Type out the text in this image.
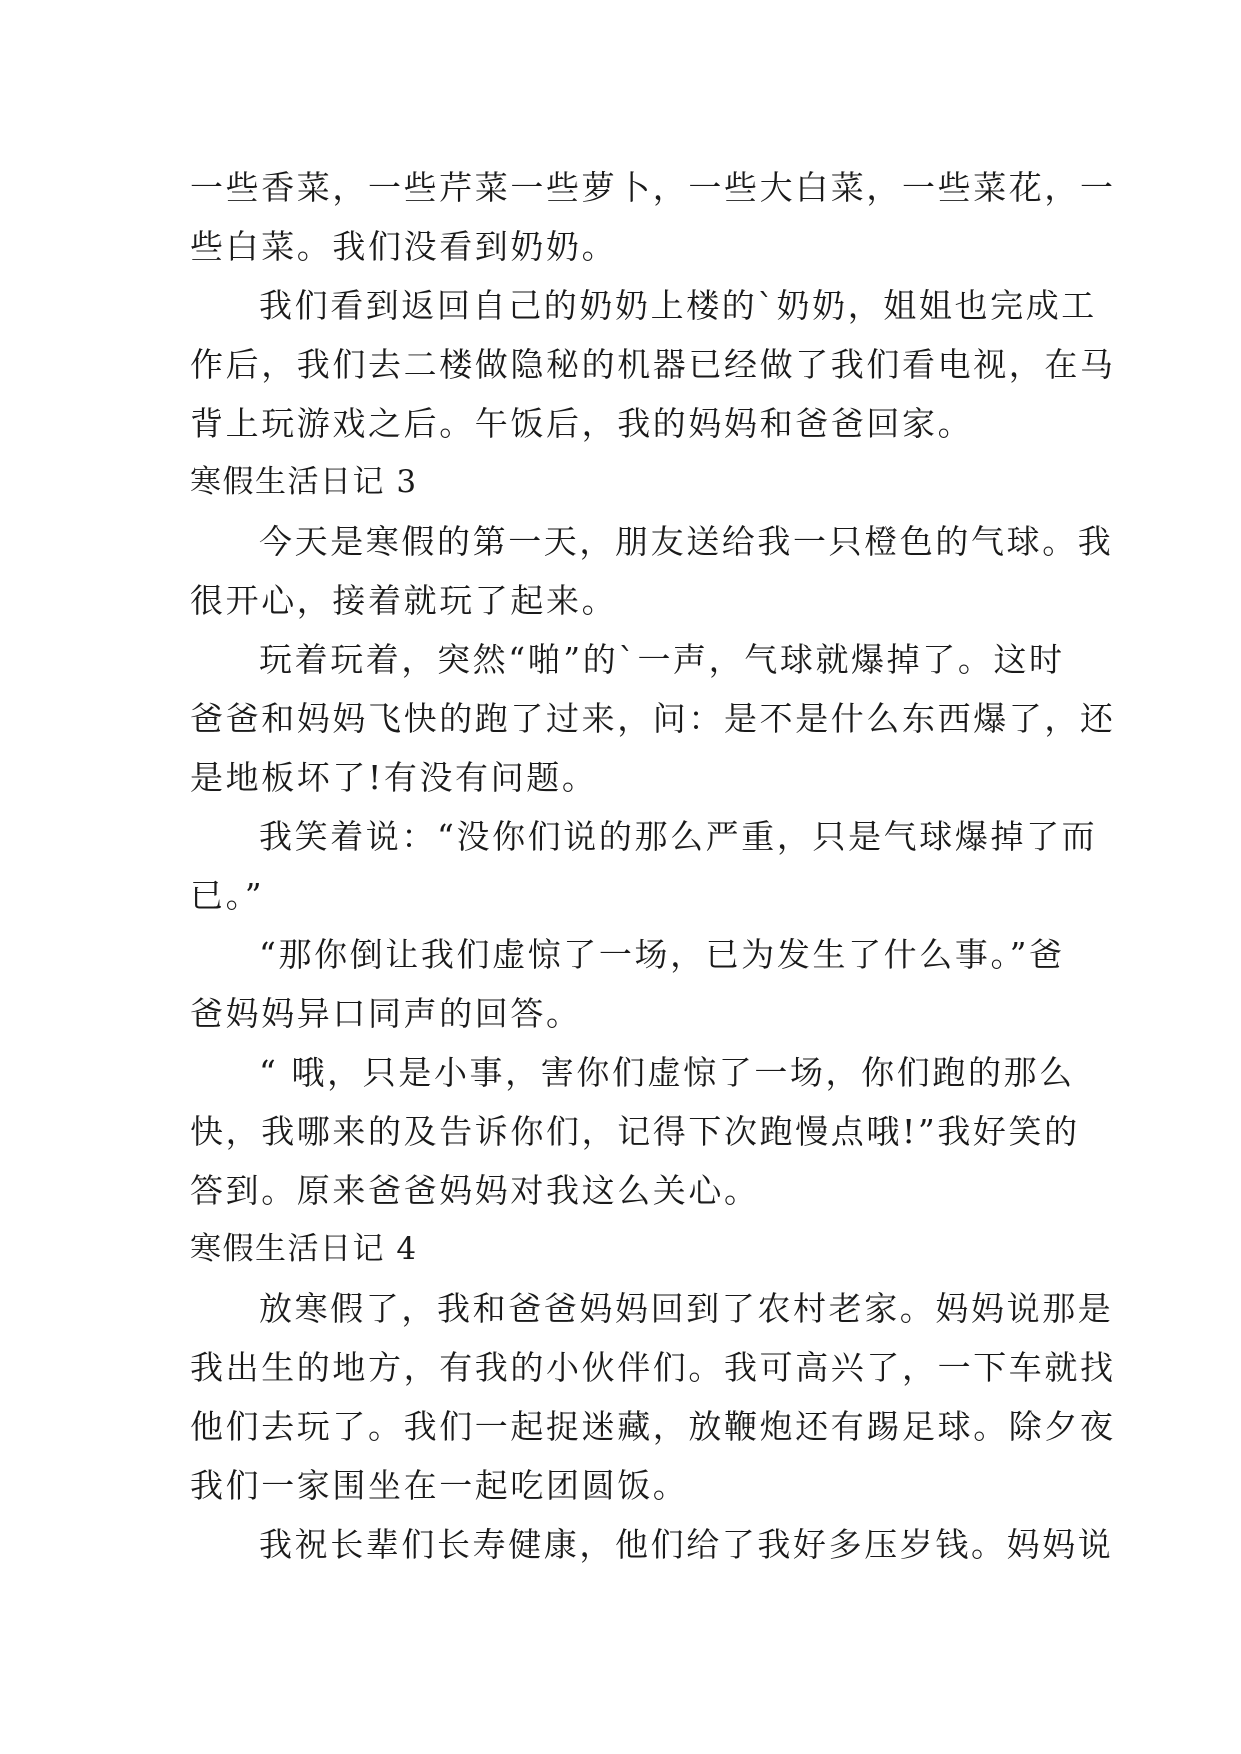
一些香菜，一些芹菜一些萝卜，一些大白菜，一些菜花，一
些白菜。我们没看到奶奶。
我们看到返回自己的奶奶上楼的`奶奶，姐姐也完成工
作后，我们去二楼做隐秘的机器已经做了我们看电视，在马
背上玩游戏之后。午饭后，我的妈妈和爸爸回家。
寒假生活日记 3
今天是寒假的第一天，朋友送给我一只橙色的气球。我
很开心，接着就玩了起来。
玩着玩着，突然“啪”的`一声，气球就爆掉了。这时
爸爸和妈妈飞快的跑了过来，问：是不是什么东西爆了，还
是地板坏了!有没有问题。
我笑着说：“没你们说的那么严重，只是气球爆掉了而
已。”
“那你倒让我们虚惊了一场，已为发生了什么事。”爸
爸妈妈异口同声的回答。
“ 哦，只是小事，害你们虚惊了一场，你们跑的那么
快，我哪来的及告诉你们，记得下次跑慢点哦!”我好笑的
答到。原来爸爸妈妈对我这么关心。
寒假生活日记 4
放寒假了，我和爸爸妈妈回到了农村老家。妈妈说那是
我出生的地方，有我的小伙伴们。我可高兴了，一下车就找
他们去玩了。我们一起捉迷藏，放鞭炮还有踢足球。除夕夜
我们一家围坐在一起吃团圆饭。
我祝长辈们长寿健康，他们给了我好多压岁钱。妈妈说
